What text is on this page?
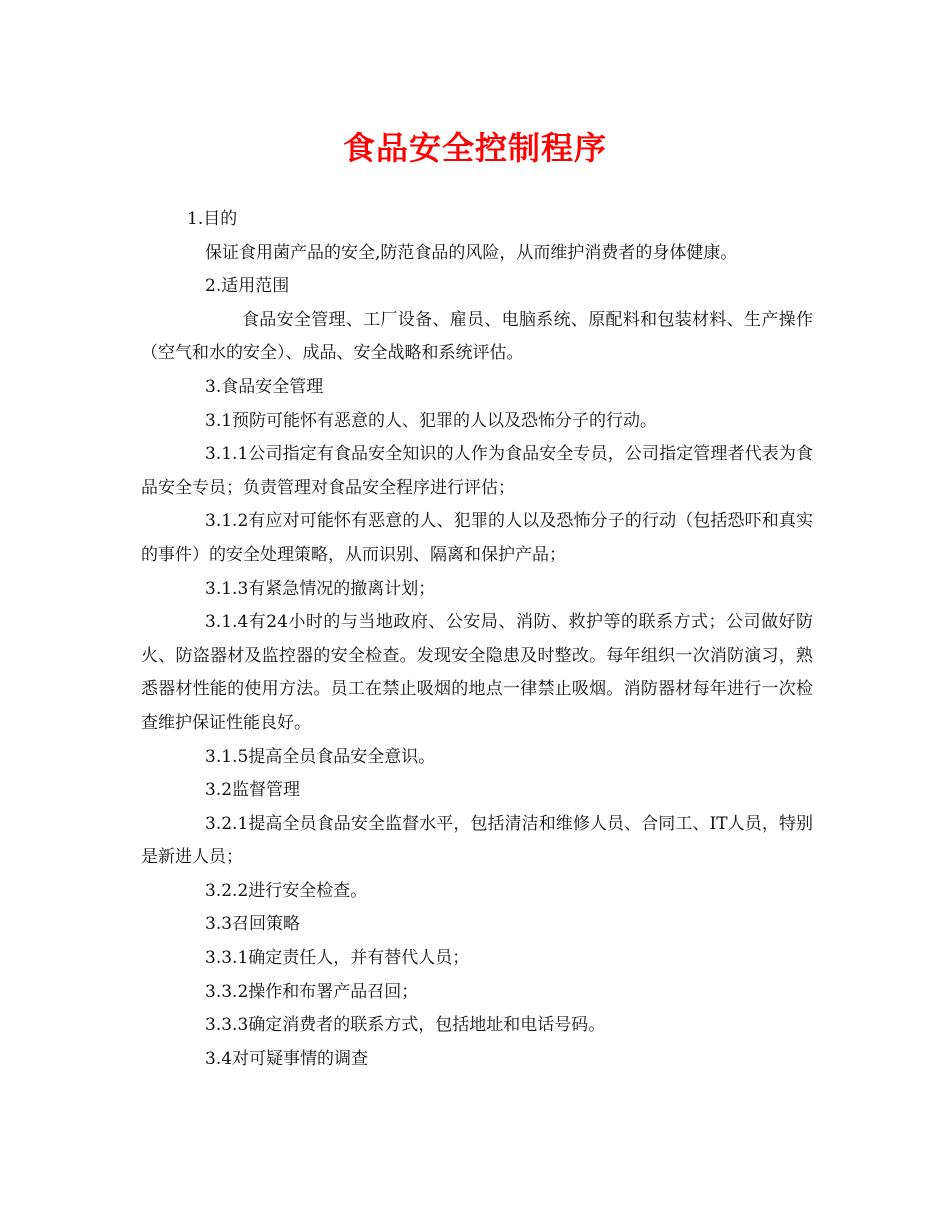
食品安全控制程序

1.目的

保证食用菌产品的安全,防范食品的风险，从而维护消费者的身体健康。

2.适用范围

食品安全管理、工厂设备、雇员、电脑系统、原配料和包装材料、生产操作（空气和水的安全）、成品、安全战略和系统评估。

3.食品安全管理

3.1预防可能怀有恶意的人、犯罪的人以及恐怖分子的行动。

3.1.1公司指定有食品安全知识的人作为食品安全专员，公司指定管理者代表为食品安全专员；负责管理对食品安全程序进行评估；

3.1.2有应对可能怀有恶意的人、犯罪的人以及恐怖分子的行动（包括恐吓和真实的事件）的安全处理策略，从而识别、隔离和保护产品；

3.1.3有紧急情况的撤离计划；

3.1.4有24小时的与当地政府、公安局、消防、救护等的联系方式；公司做好防火、防盗器材及监控器的安全检查。发现安全隐患及时整改。每年组织一次消防演习，熟悉器材性能的使用方法。员工在禁止吸烟的地点一律禁止吸烟。消防器材每年进行一次检查维护保证性能良好。

3.1.5提高全员食品安全意识。

3.2监督管理

3.2.1提高全员食品安全监督水平，包括清洁和维修人员、合同工、IT人员，特别是新进人员；

3.2.2进行安全检查。

3.3召回策略

3.3.1确定责任人，并有替代人员；

3.3.2操作和布署产品召回；

3.3.3确定消费者的联系方式，包括地址和电话号码。

3.4对可疑事情的调查
